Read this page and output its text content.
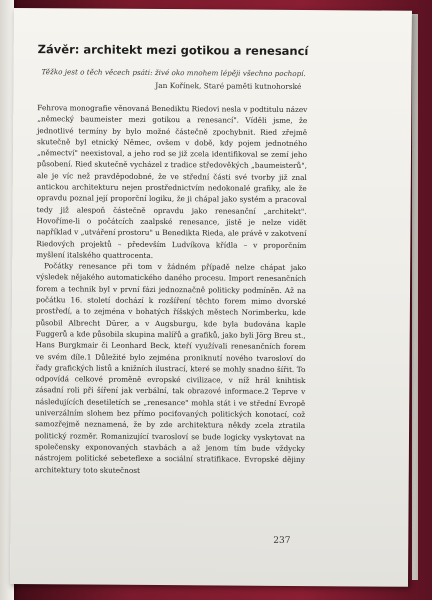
Závěr: architekt mezi gotikou a renesancí

Těžko jest o těch věcech psáti: živé oko mnohem lépěji všechno pochopí.

Jan Kořínek, Staré paměti kutnohorské

Fehrova monografie věnovaná Benediktu Riedovi nesla v podtitulu název „německý baumeister mezi gotikou a renesancí". Víděli jsme, že jednotlivé termíny by bylo možné částečně zpochybnit. Ried zřejmě skutečně byl etnický Němec, ovšem v době, kdy pojem jednotného „němectví" neexistoval, a jeho rod se již zcela identifikoval se zemí jeho působení. Ried skutečně vycházel z tradice středověkých „baumeisterů", ale je víc než pravděpodobné, že ve střední části své tvorby již znal antickou architekturu nejen prostřednictvím nedokonalé grafiky, ale že opravdu poznal její proporční logiku, že ji chápal jako systém a pracoval tedy již alespoň částečně opravdu jako renesanční „architekt". Hovoříme-li o počátcích zaalpské renesance, jistě je nelze vidět například v „utváření prostoru" u Benedikta Rieda, ale právě v zakotvení Riedových projektů – především Ludvíkova křídla – v proporčním myšlení italského quattrocenta.

Počátky renesance při tom v žádném případě nelze chápat jako výsledek nějakého automatického daného procesu. Import renesančních forem a technik byl v první fázi jednoznačně politicky podmíněn. Až na počátku 16. století dochází k rozšíření těchto forem mimo dvorské prostředí, a to zejména v bohatých říšských městech Norimberku, kde působil Albrecht Dürer, a v Augsburgu, kde byla budována kaple Fuggerů a kde působila skupina malířů a grafiků, jako byli Jörg Breu st., Hans Burgkmair či Leonhard Beck, kteří využívali renesančních forem ve svém díle.1 Důležité bylo zejména proniknutí nového tvarosloví do řady grafických listů a knižních ilustrací, které se mohly snadno šířit. To odpovídá celkové proměně evropské civilizace, v níž hrál knihtisk zásadní roli při šíření jak verbální, tak obrazové informace.2 Teprve v následujících desetiletích se „renesance" mohla stát i ve střední Evropě univerzálním slohem bez přímo pociťovaných politických konotací, což samozřejmě neznamená, že by zde architektura někdy zcela ztratila politický rozměr. Romanizující tvarosloví se bude logicky vyskytovat na společensky exponovaných stavbách a až jenom tím bude vždycky nástrojem politické sebeteflexe a sociální stratifikace. Evropské dějiny architektury toto skutečnost

237
